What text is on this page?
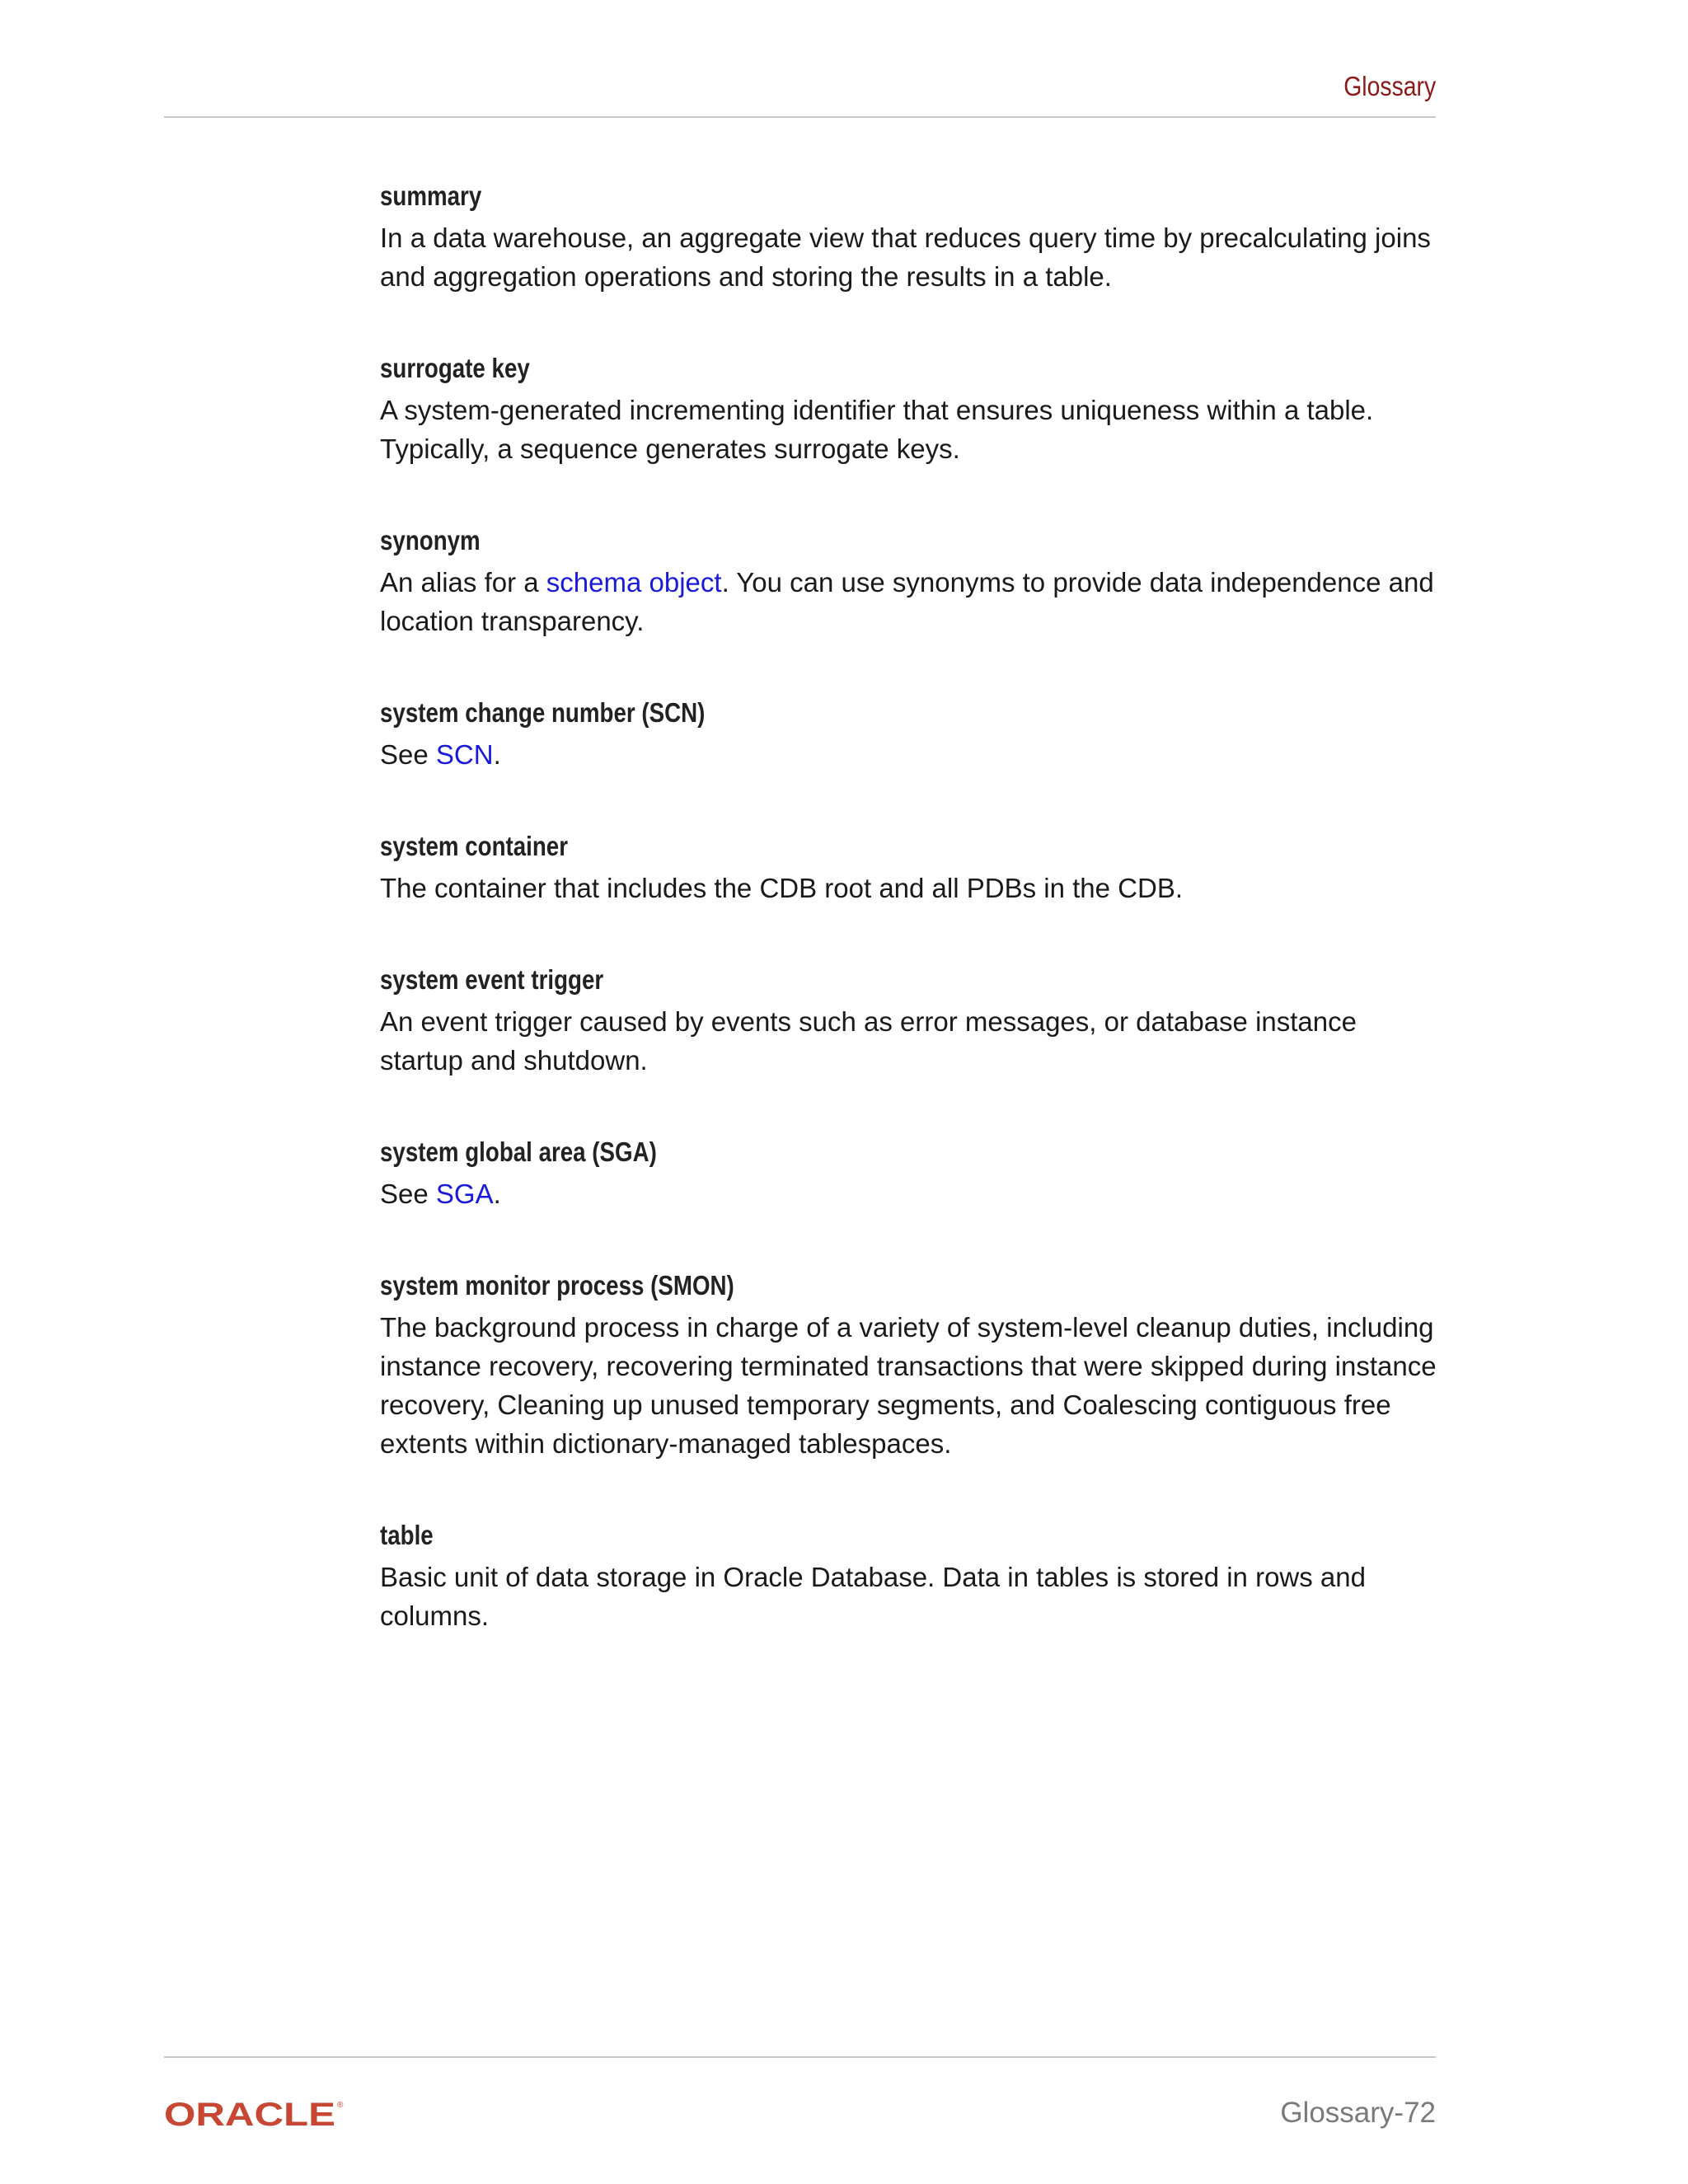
Glossary
summary
In a data warehouse, an aggregate view that reduces query time by precalculating joins and aggregation operations and storing the results in a table.
surrogate key
A system-generated incrementing identifier that ensures uniqueness within a table. Typically, a sequence generates surrogate keys.
synonym
An alias for a schema object. You can use synonyms to provide data independence and location transparency.
system change number (SCN)
See SCN.
system container
The container that includes the CDB root and all PDBs in the CDB.
system event trigger
An event trigger caused by events such as error messages, or database instance startup and shutdown.
system global area (SGA)
See SGA.
system monitor process (SMON)
The background process in charge of a variety of system-level cleanup duties, including instance recovery, recovering terminated transactions that were skipped during instance recovery, Cleaning up unused temporary segments, and Coalescing contiguous free extents within dictionary-managed tablespaces.
table
Basic unit of data storage in Oracle Database. Data in tables is stored in rows and columns.
ORACLE ®	Glossary-72
